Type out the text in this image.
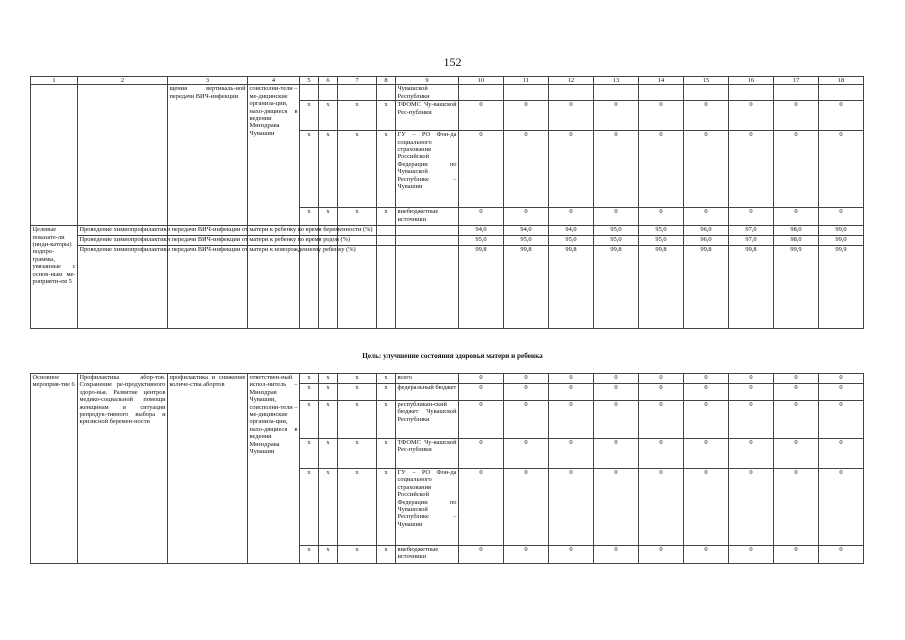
152
1	2	3	4	5	6	7	8	9	10	11	12	13	14	15	16	17	18
		щения вертикаль-ной передачи ВИЧ-инфекции	соисполни-тели – ме-дицинские организа-ции, нахо-дящиеся в ведении Минздрава Чувашии					Чувашской Республики									
				х	х	х	х	ТФОМС Чу-вашской Рес-публики	0	0	0	0	0	0	0	0	0
				х	х	х	х	ГУ – РО Фон-да социального страхования Российской Федерации по Чувашской Республике – Чувашии	0	0	0	0	0	0	0	0	0
				х	х	х	х	внебюджетные источники	0	0	0	0	0	0	0	0	0
Целевые показате-ли (инди-каторы) подпро-граммы, увязанные с основ-ным ме-роприяти-ем 5	Проведение химиопрофилактики передачи ВИЧ-инфекции от матери к ребенку во время беременности (%)								94,0	94,0	94,0	95,0	95,0	96,0	97,0	98,0	99,0
	Проведение химиопрофилактики передачи ВИЧ-инфекции от матери к ребенку во время родов (%)								95,0	95,0	95,0	95,0	95,0	96,0	97,0	98,0	99,0
	Проведение химиопрофилактики передачи ВИЧ-инфекции от матери к новорожденному ребенку (%)								99,8	99,8	99,8	99,8	99,8	99,8	99,8	99,9	99,9
Цель: улучшение состояния здоровья матери и ребенка
Основное мероприя-тие 6	Профилактика абор-тов. Сохранение ре-продуктивного здоро-вья. Развитие центров медико-социальной помощи женщинам в ситуации репродук-тивного выбора и кризисной беремен-ности	профилактика и снижение количе-ства абортов	ответствен-ный испол-нитель – Минздрав Чувашии, соисполни-тели – ме-дицинские организа-ции, нахо-дящиеся в ведении Минздрава Чувашии	х	х	х	х	всего	0	0	0	0	0	0	0	0	0
				х	х	х	х	федеральный бюджет	0	0	0	0	0	0	0	0	0
				х	х	х	х	республикан-ский бюджет Чувашской Республики	0	0	0	0	0	0	0	0	0
				х	х	х	х	ТФОМС Чу-вашской Рес-публики	0	0	0	0	0	0	0	0	0
				х	х	х	х	ГУ – РО Фон-да социального страхования Российской Федерации по Чувашской Республике – Чувашии	0	0	0	0	0	0	0	0	0
				х	х	х	х	внебюджетные источники	0	0	0	0	0	0	0	0	0
